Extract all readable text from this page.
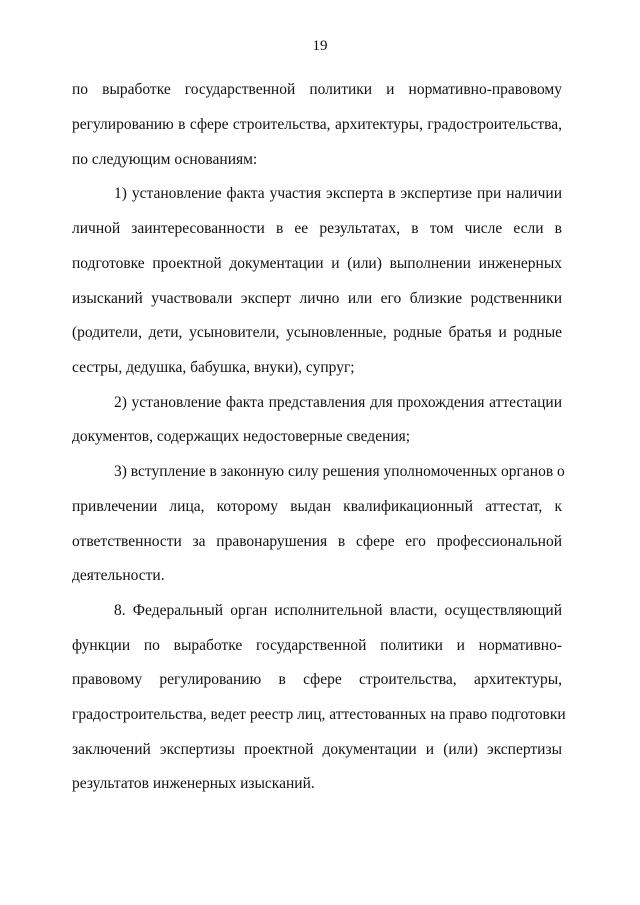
19
по выработке государственной политики и нормативно-правовому
регулированию в сфере строительства, архитектуры, градостроительства,
по следующим основаниям:
1) установление факта участия эксперта в экспертизе при наличии
личной заинтересованности в ее результатах, в том числе если в
подготовке проектной документации и (или) выполнении инженерных
изысканий участвовали эксперт лично или его близкие родственники
(родители, дети, усыновители, усыновленные, родные братья и родные
сестры, дедушка, бабушка, внуки), супруг;
2) установление факта представления для прохождения аттестации
документов, содержащих недостоверные сведения;
3) вступление в законную силу решения уполномоченных органов о
привлечении лица, которому выдан квалификационный аттестат, к
ответственности за правонарушения в сфере его профессиональной
деятельности.
8. Федеральный орган исполнительной власти, осуществляющий
функции по выработке государственной политики и нормативно-
правовому регулированию в сфере строительства, архитектуры,
градостроительства, ведет реестр лиц, аттестованных на право подготовки
заключений экспертизы проектной документации и (или) экспертизы
результатов инженерных изысканий.
